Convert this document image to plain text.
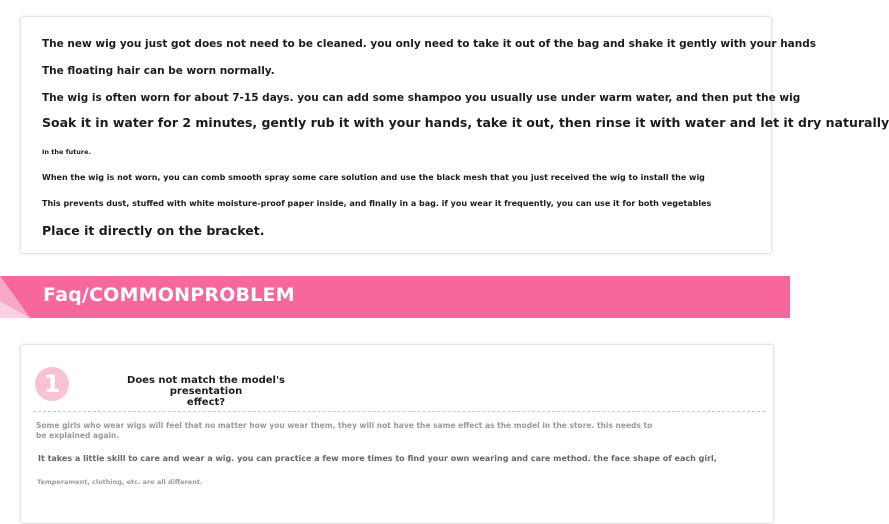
The new wig you just got does not need to be cleaned. you only need to take it out of the bag and shake it gently with your hands

The floating hair can be worn normally.

The wig is often worn for about 7-15 days. you can add some shampoo you usually use under warm water, and then put the wig

Soak it in water for 2 minutes, gently rub it with your hands, take it out, then rinse it with water and let it dry naturally

In the future.

When the wig is not worn, you can comb smooth spray some care solution and use the black mesh that you just received the wig to install the wig

This prevents dust, stuffed with white moisture-proof paper inside, and finally in a bag. if you wear it frequently, you can use it for both vegetables

Place it directly on the bracket.

Faq/COMMONPROBLEM
1	Does not match the model's presentation
effect?

Some girls who wear wigs will feel that no matter how you wear them, they will not have the same effect as the model in the store. this needs to
be explained again.

It takes a little skill to care and wear a wig. you can practice a few more times to find your own wearing and care method. the face shape of each girl,

Temperament, clothing, etc. are all different.
